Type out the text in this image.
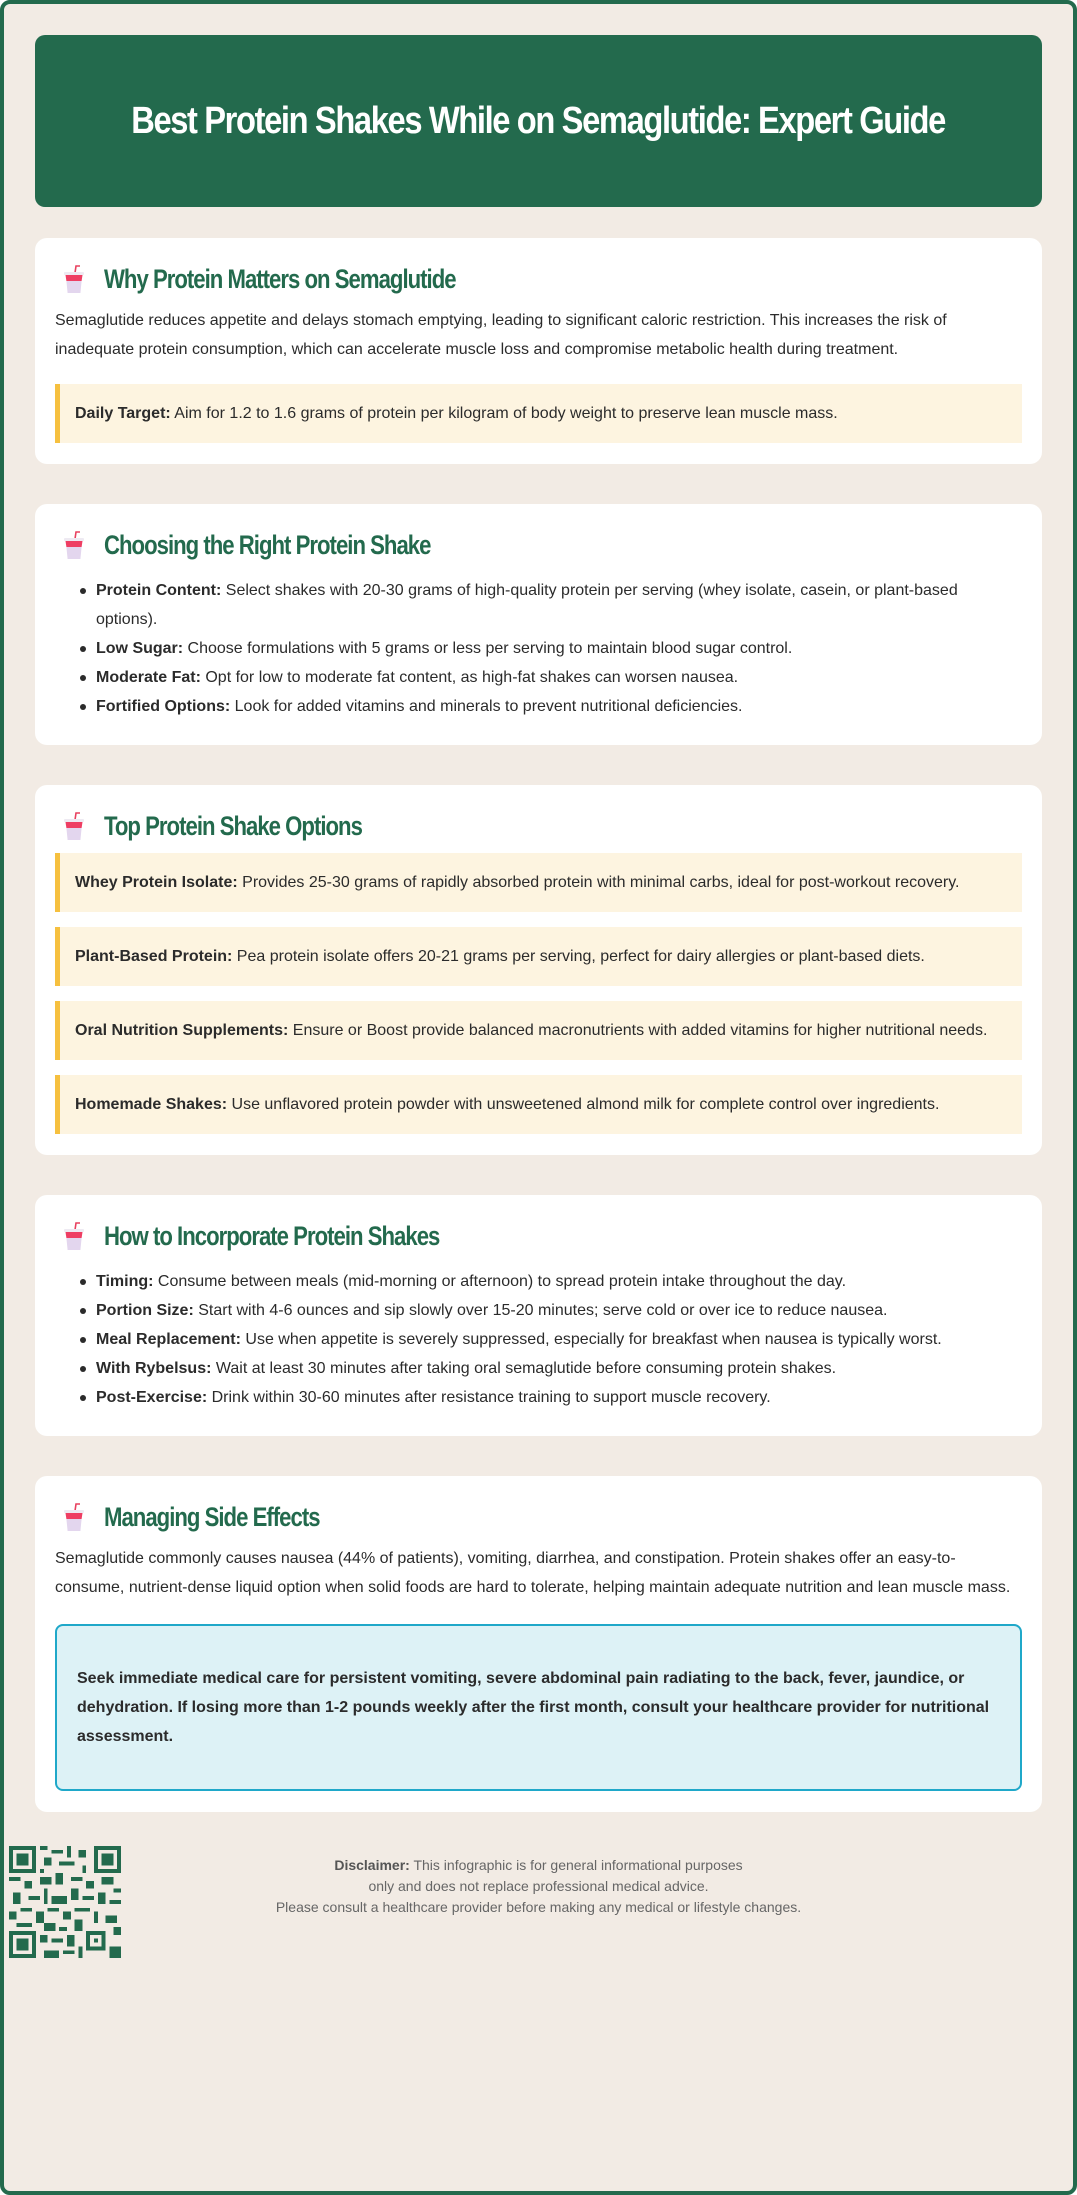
Best Protein Shakes While on Semaglutide: Expert Guide
Why Protein Matters on Semaglutide

Semaglutide reduces appetite and delays stomach emptying, leading to significant caloric restriction. This increases the risk of inadequate protein consumption, which can accelerate muscle loss and compromise metabolic health during treatment.

Daily Target: Aim for 1.2 to 1.6 grams of protein per kilogram of body weight to preserve lean muscle mass.
Choosing the Right Protein Shake
Protein Content: Select shakes with 20-30 grams of high-quality protein per serving (whey isolate, casein, or plant-based options).
Low Sugar: Choose formulations with 5 grams or less per serving to maintain blood sugar control.
Moderate Fat: Opt for low to moderate fat content, as high-fat shakes can worsen nausea.
Fortified Options: Look for added vitamins and minerals to prevent nutritional deficiencies.
Top Protein Shake Options
Whey Protein Isolate: Provides 25-30 grams of rapidly absorbed protein with minimal carbs, ideal for post-workout recovery.
Plant-Based Protein: Pea protein isolate offers 20-21 grams per serving, perfect for dairy allergies or plant-based diets.
Oral Nutrition Supplements: Ensure or Boost provide balanced macronutrients with added vitamins for higher nutritional needs.
Homemade Shakes: Use unflavored protein powder with unsweetened almond milk for complete control over ingredients.
How to Incorporate Protein Shakes
Timing: Consume between meals (mid-morning or afternoon) to spread protein intake throughout the day.
Portion Size: Start with 4-6 ounces and sip slowly over 15-20 minutes; serve cold or over ice to reduce nausea.
Meal Replacement: Use when appetite is severely suppressed, especially for breakfast when nausea is typically worst.
With Rybelsus: Wait at least 30 minutes after taking oral semaglutide before consuming protein shakes.
Post-Exercise: Drink within 30-60 minutes after resistance training to support muscle recovery.
Managing Side Effects

Semaglutide commonly causes nausea (44% of patients), vomiting, diarrhea, and constipation. Protein shakes offer an easy-to-consume, nutrient-dense liquid option when solid foods are hard to tolerate, helping maintain adequate nutrition and lean muscle mass.

Seek immediate medical care for persistent vomiting, severe abdominal pain radiating to the back, fever, jaundice, or dehydration. If losing more than 1-2 pounds weekly after the first month, consult your healthcare provider for nutritional assessment.
Disclaimer: This infographic is for general informational purposes
only and does not replace professional medical advice.
Please consult a healthcare provider before making any medical or lifestyle changes.
